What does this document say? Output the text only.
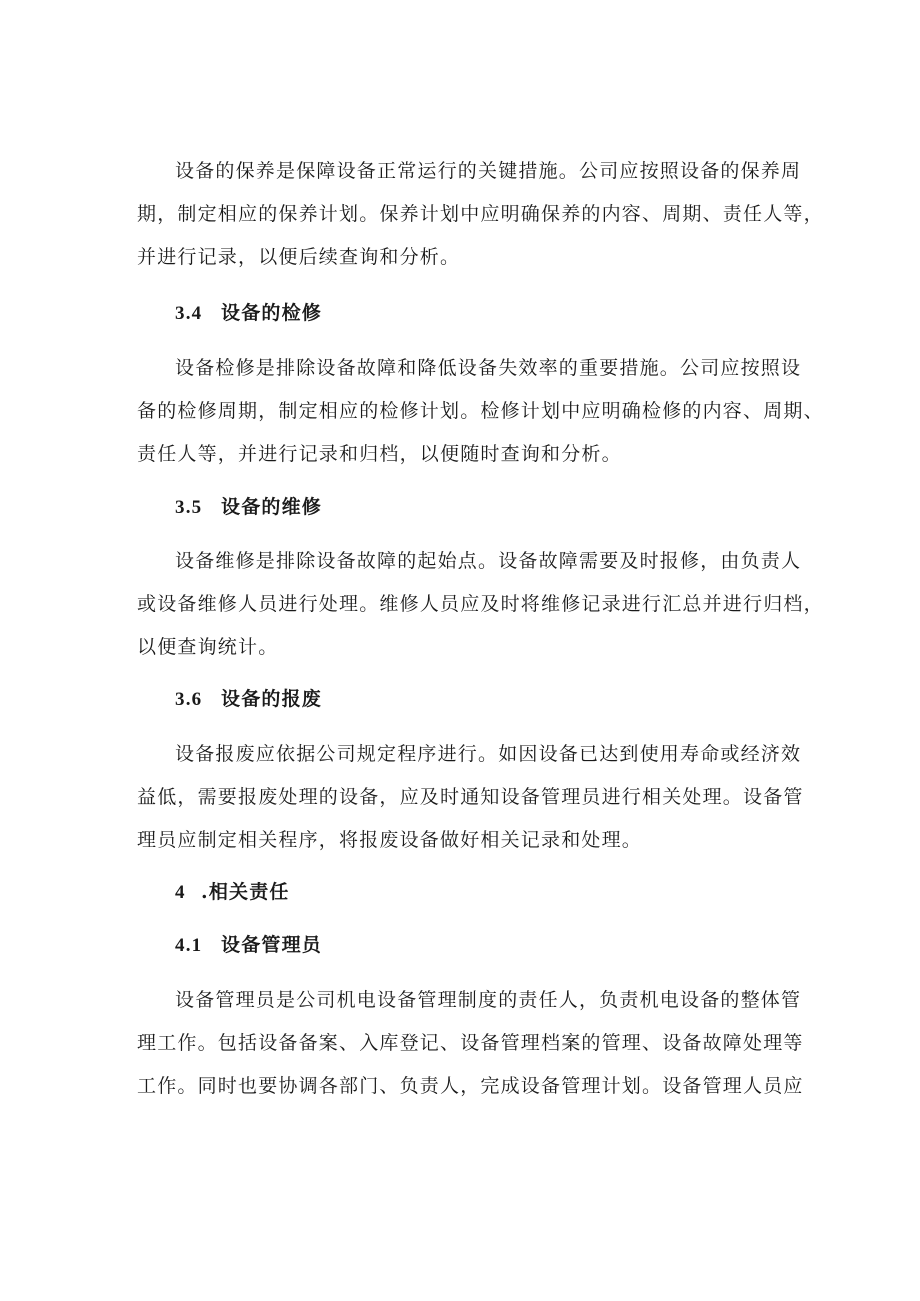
设备的保养是保障设备正常运行的关键措施。公司应按照设备的保养周
期，制定相应的保养计划。保养计划中应明确保养的内容、周期、责任人等，
并进行记录，以便后续查询和分析。

3.4 设备的检修

设备检修是排除设备故障和降低设备失效率的重要措施。公司应按照设
备的检修周期，制定相应的检修计划。检修计划中应明确检修的内容、周期、
责任人等，并进行记录和归档，以便随时查询和分析。

3.5 设备的维修

设备维修是排除设备故障的起始点。设备故障需要及时报修，由负责人
或设备维修人员进行处理。维修人员应及时将维修记录进行汇总并进行归档，
以便查询统计。

3.6 设备的报废

设备报废应依据公司规定程序进行。如因设备已达到使用寿命或经济效
益低，需要报废处理的设备，应及时通知设备管理员进行相关处理。设备管
理员应制定相关程序，将报废设备做好相关记录和处理。

4 .相关责任
4.1 设备管理员

设备管理员是公司机电设备管理制度的责任人，负责机电设备的整体管
理工作。包括设备备案、入库登记、设备管理档案的管理、设备故障处理等
工作。同时也要协调各部门、负责人，完成设备管理计划。设备管理人员应
